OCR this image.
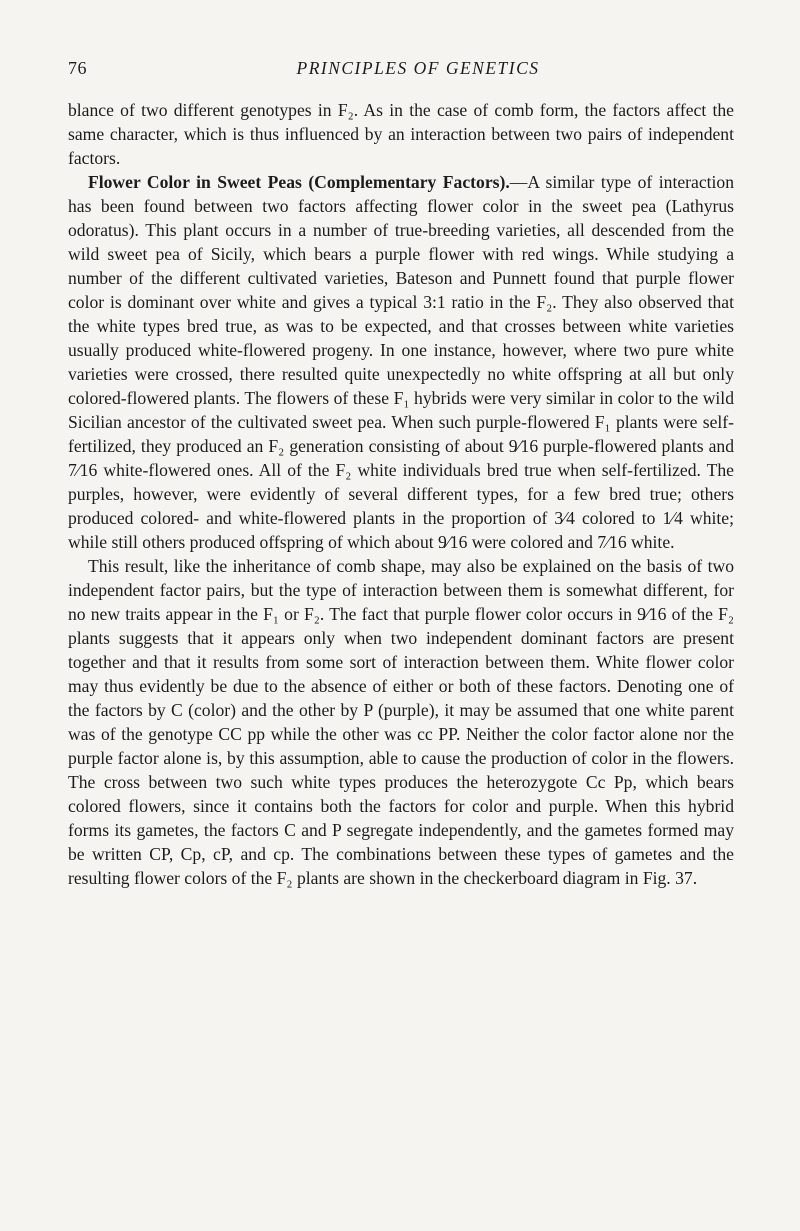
76	PRINCIPLES OF GENETICS

blance of two different genotypes in F₂. As in the case of comb form, the factors affect the same character, which is thus influenced by an interaction between two pairs of independent factors.

Flower Color in Sweet Peas (Complementary Factors).—A similar type of interaction has been found between two factors affecting flower color in the sweet pea (Lathyrus odoratus). This plant occurs in a number of true-breeding varieties, all descended from the wild sweet pea of Sicily, which bears a purple flower with red wings. While studying a number of the different cultivated varieties, Bateson and Punnett found that purple flower color is dominant over white and gives a typical 3:1 ratio in the F₂. They also observed that the white types bred true, as was to be expected, and that crosses between white varieties usually produced white-flowered progeny. In one instance, however, where two pure white varieties were crossed, there resulted quite unexpectedly no white offspring at all but only colored-flowered plants. The flowers of these F₁ hybrids were very similar in color to the wild Sicilian ancestor of the cultivated sweet pea. When such purple-flowered F₁ plants were self-fertilized, they produced an F₂ generation consisting of about 9⁄16 purple-flowered plants and 7⁄16 white-flowered ones. All of the F₂ white individuals bred true when self-fertilized. The purples, however, were evidently of several different types, for a few bred true; others produced colored- and white-flowered plants in the proportion of 3⁄4 colored to 1⁄4 white; while still others produced offspring of which about 9⁄16 were colored and 7⁄16 white.

This result, like the inheritance of comb shape, may also be explained on the basis of two independent factor pairs, but the type of interaction between them is somewhat different, for no new traits appear in the F₁ or F₂. The fact that purple flower color occurs in 9⁄16 of the F₂ plants suggests that it appears only when two independent dominant factors are present together and that it results from some sort of interaction between them. White flower color may thus evidently be due to the absence of either or both of these factors. Denoting one of the factors by C (color) and the other by P (purple), it may be assumed that one white parent was of the genotype CC pp while the other was cc PP. Neither the color factor alone nor the purple factor alone is, by this assumption, able to cause the production of color in the flowers. The cross between two such white types produces the heterozygote Cc Pp, which bears colored flowers, since it contains both the factors for color and purple. When this hybrid forms its gametes, the factors C and P segregate independently, and the gametes formed may be written CP, Cp, cP, and cp. The combinations between these types of gametes and the resulting flower colors of the F₂ plants are shown in the checkerboard diagram in Fig. 37.
